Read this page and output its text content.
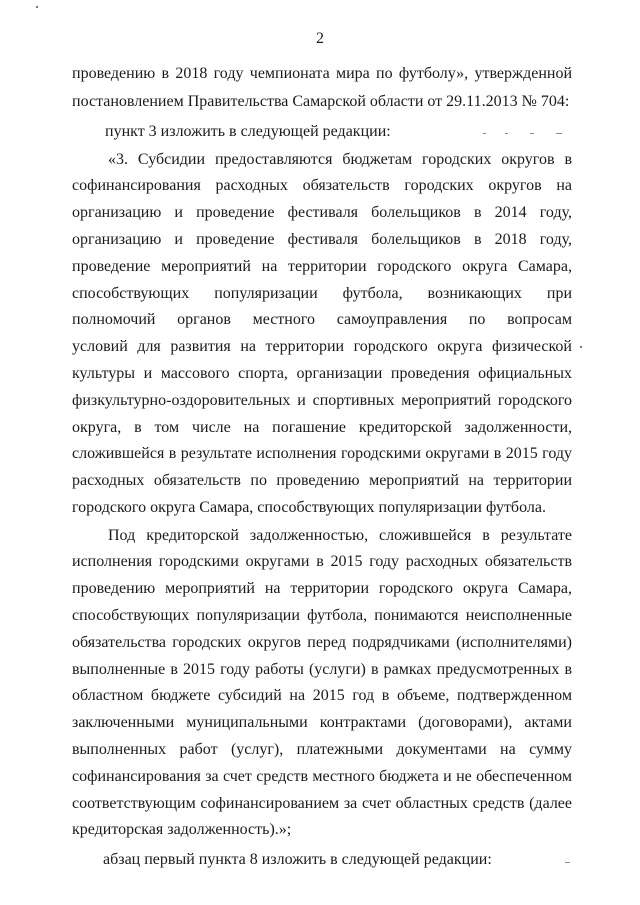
2
проведению в 2018 году чемпионата мира по футболу», утвержденной
постановлением Правительства Самарской области от 29.11.2013 № 704:
пункт 3 изложить в следующей редакции:
«3. Субсидии предоставляются бюджетам городских округов в
софинансирования расходных обязательств городских округов на
организацию и проведение фестиваля болельщиков в 2014 году,
организацию и проведение фестиваля болельщиков в 2018 году,
проведение мероприятий на территории городского округа Самара,
способствующих популяризации футбола, возникающих при
полномочий органов местного самоуправления по вопросам
условий для развития на территории городского округа физической
культуры и массового спорта, организации проведения официальных
физкультурно-оздоровительных и спортивных мероприятий городского
округа, в том числе на погашение кредиторской задолженности,
сложившейся в результате исполнения городскими округами в 2015 году
расходных обязательств по проведению мероприятий на территории
городского округа Самара, способствующих популяризации футбола.
Под кредиторской задолженностью, сложившейся в результате
исполнения городскими округами в 2015 году расходных обязательств
проведению мероприятий на территории городского округа Самара,
способствующих популяризации футбола, понимаются неисполненные
обязательства городских округов перед подрядчиками (исполнителями)
выполненные в 2015 году работы (услуги) в рамках предусмотренных в
областном бюджете субсидий на 2015 год в объеме, подтвержденном
заключенными муниципальными контрактами (договорами), актами
выполненных работ (услуг), платежными документами на сумму
софинансирования за счет средств местного бюджета и не обеспеченном
соответствующим софинансированием за счет областных средств (далее
кредиторская задолженность).»;
абзац первый пункта 8 изложить в следующей редакции:
